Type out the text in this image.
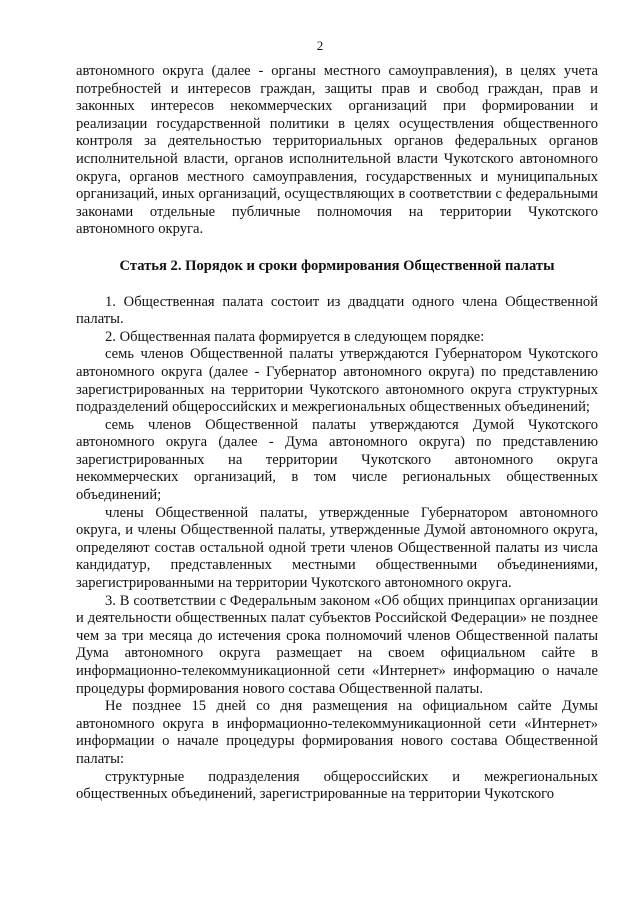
2

автономного округа (далее - органы местного самоуправления), в целях учета потребностей и интересов граждан, защиты прав и свобод граждан, прав и законных интересов некоммерческих организаций при формировании и реализации государственной политики в целях осуществления общественного контроля за деятельностью территориальных органов федеральных органов исполнительной власти, органов исполнительной власти Чукотского автономного округа, органов местного самоуправления, государственных и муниципальных организаций, иных организаций, осуществляющих в соответствии с федеральными законами отдельные публичные полномочия на территории Чукотского автономного округа.

Статья 2. Порядок и сроки формирования Общественной палаты

1. Общественная палата состоит из двадцати одного члена Общественной палаты.

2. Общественная палата формируется в следующем порядке:

семь членов Общественной палаты утверждаются Губернатором Чукотского автономного округа (далее - Губернатор автономного округа) по представлению зарегистрированных на территории Чукотского автономного округа структурных подразделений общероссийских и межрегиональных общественных объединений;

семь членов Общественной палаты утверждаются Думой Чукотского автономного округа (далее - Дума автономного округа) по представлению зарегистрированных на территории Чукотского автономного округа некоммерческих организаций, в том числе региональных общественных объединений;

члены Общественной палаты, утвержденные Губернатором автономного округа, и члены Общественной палаты, утвержденные Думой автономного округа, определяют состав остальной одной трети членов Общественной палаты из числа кандидатур, представленных местными общественными объединениями, зарегистрированными на территории Чукотского автономного округа.

3. В соответствии с Федеральным законом «Об общих принципах организации и деятельности общественных палат субъектов Российской Федерации» не позднее чем за три месяца до истечения срока полномочий членов Общественной палаты Дума автономного округа размещает на своем официальном сайте в информационно-телекоммуникационной сети «Интернет» информацию о начале процедуры формирования нового состава Общественной палаты.

Не позднее 15 дней со дня размещения на официальном сайте Думы автономного округа в информационно-телекоммуникационной сети «Интернет» информации о начале процедуры формирования нового состава Общественной палаты:

структурные подразделения общероссийских и межрегиональных общественных объединений, зарегистрированные на территории Чукотского
